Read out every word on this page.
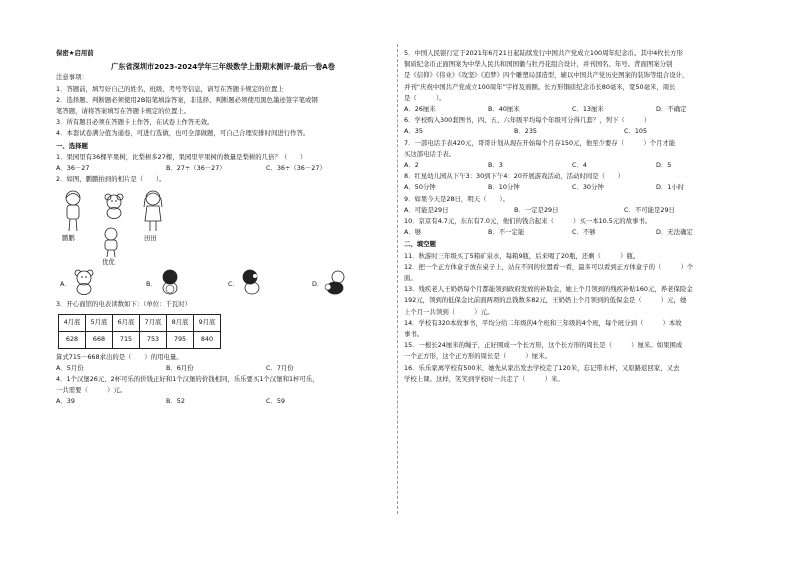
保密★启用前

广东省深圳市2023-2024学年三年级数学上册期末测评·最后一卷A卷

注意事项：

1．答题前，填写好自己的姓名、班级、考号等信息，请写在答题卡规定的位置上

2．选择题、判断题必须使用2B铅笔填涂答案，非选择、判断题必须使用黑色墨迹签字笔或钢

笔答题，请将答案填写在答题卡规定的位置上。

3．所有题目必须在答题卡上作答，在试卷上作答无效。

4．本套试卷满分值为通卷，可进行选做，也可全部做题，可自己合理安排时间进行作答。

一、选择题

1．果园里有36棵苹果树，比梨树多27棵，果园里苹果树的数量是梨树的几倍？（　　）

A．36－27	B．27÷（36－27）	C．36÷（36－27）

2．如图，鹏鹏拍到的相片是（　　）。

鹏鹏	田田
优优
A．	B．	C．	D．

3．开心面馆的电表读数如下：（单位：千瓦时）

4月底	5月底	6月底	7月底	8月底	9月底
628	668	715	753	795	840

算式715－668求出的是（　　）的用电量。

A．5月份	B．6月份	C．7月份

4．1个汉堡26元，2杯可乐的价钱正好和1个汉堡的价钱相同，乐乐要买1个汉堡和1杯可乐，

一共需要（　　　）元。

A．39	B．52	C．59

5．中国人民银行定于2021年6月21日起陆续发行中国共产党成立100周年纪念币。其中4枚长方形

铜质纪念币正面图案为中华人民共和国国徽与牡丹花组合设计，并刊国名、年号。背面图案分别

是《信仰》《伟业》《攻坚》《追梦》四个雕塑局部造型，辅以中国共产党历史图案的装饰等组合设计，

并刊“庆祝中国共产党成立100周年”字样及面额。长方形铜质纪念币长80毫米，宽50毫米，周长

是（　　　）。

A．26厘米	B．40厘米	C．13厘米	D．不确定

6．学校购入300套图书，四、五、六年级平均每个年级可分得几套？，列下（　　　）

A．35	B．235	C．105

7．一部电话手表420元，哥哥计划从现在开始每个月存150元，他至少要存（　　　）个月才能

买这部电话手表。

A．2	B．3	C．4	D．5

8．红星幼儿园从下午3：30到下午4：20开展游戏活动，活动时间是（　　）

A．50分钟	B．10分钟	C．30分钟	D．1小时

9．如果今天是28日，明天（　　）。

A．可能是29日	B．一定是29日	C．不可能是29日

10．京京有4.7元，东东有7.0元，他们的钱合起来（　　　）买一本10.5元的故事书。

A．够	B．不一定能	C．不够	D．无法确定

二、填空题

11．秋游时三年级买了5箱矿泉水，每箱9瓶，后来喝了20瓶，还剩（　　　）瓶。

12．把一个正方体盒子放在桌子上，站在不同的位置看一看，最多可以看到正方体盒子的（　　　）个

面。

13．残疾老人王奶奶每个月都能领到政府发放的补助金，她上个月领到的残疾补贴160元，养老保险金

192元，领到的低保金比前面两项的总钱数多82元，王奶奶上个月领到的低保金是（　　　）元，她

上个月一共领到（　　　）元。

14．学校有320本故事书，平均分给二年级的4个班和三年级的4个班，每个班分到（　　　）本故

事书。

15．一根长24厘米的绳子，正好围成一个长方形，这个长方形的周长是（　　　）厘米。如果围成

一个正方形，这个正方形的周长是（　　　）厘米。

16．乐乐家离学校有500米，她先从家出发去学校走了120米，忘记带水杯，又原路返回家，又去

学校上课。这样，笑笑到学校时一共走了（　　　）米。
